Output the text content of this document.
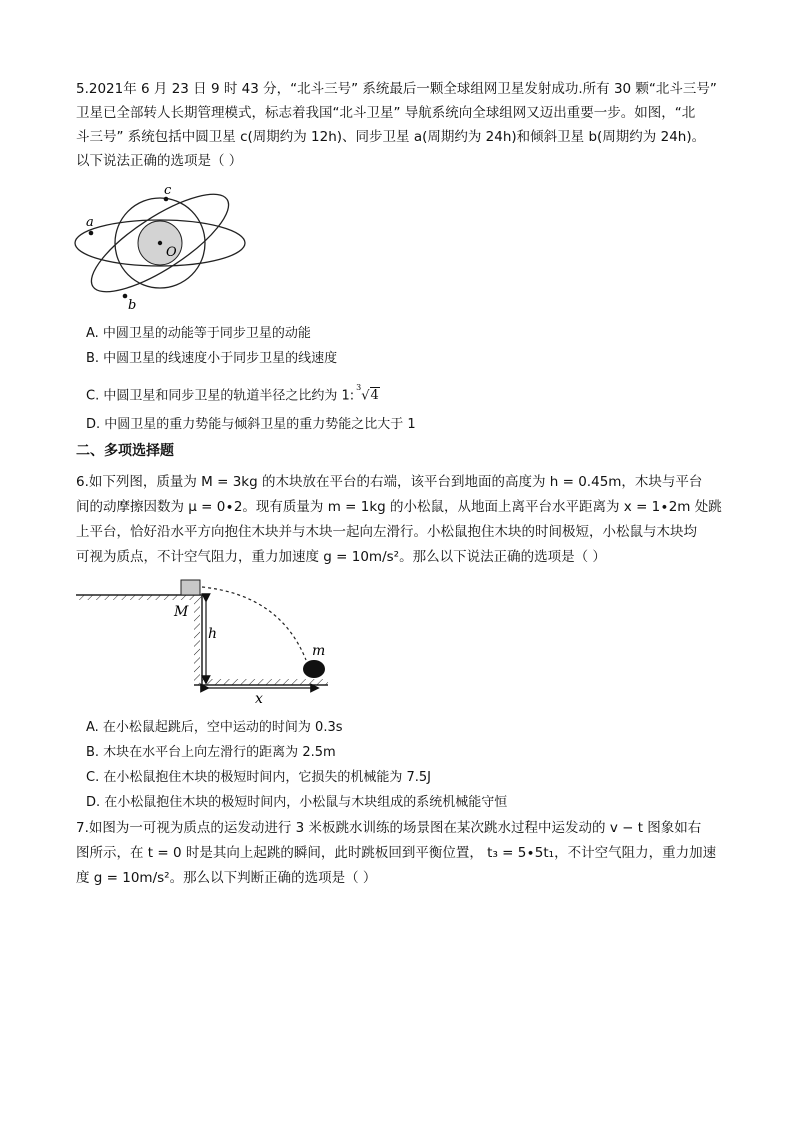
5.2021年 6 月 23 日 9 时 43 分，“北斗三号” 系统最后一颗全球组网卫星发射成功.所有 30 颗“北斗三号”
卫星已全部转人长期管理模式，标志着我国“北斗卫星” 导航系统向全球组网又迈出重要一步。如图，“北
斗三号” 系统包括中圆卫星 c(周期约为 12h)、同步卫星 a(周期约为 24h)和倾斜卫星 b(周期约为 24h)。
以下说法正确的选项是（ ）
a
c
b
O
A. 中圆卫星的动能等于同步卫星的动能
B. 中圆卫星的线速度小于同步卫星的线速度
C. 中圆卫星和同步卫星的轨道半径之比约为 1:$^3$√4
D. 中圆卫星的重力势能与倾斜卫星的重力势能之比大于 1
二、多项选择题
6.如下列图，质量为 M = 3kg 的木块放在平台的右端，该平台到地面的高度为 h = 0.45m，木块与平台
间的动摩擦因数为 μ = 0∙2。现有质量为 m = 1kg 的小松鼠，从地面上离平台水平距离为 x = 1∙2m 处跳
上平台，恰好沿水平方向抱住木块并与木块一起向左滑行。小松鼠抱住木块的时间极短，小松鼠与木块均
可视为质点，不计空气阻力，重力加速度 g = 10m/s²。那么以下说法正确的选项是（ ）
M
h
m
x
A. 在小松鼠起跳后，空中运动的时间为 0.3s
B. 木块在水平台上向左滑行的距离为 2.5m
C. 在小松鼠抱住木块的极短时间内，它损失的机械能为 7.5J
D. 在小松鼠抱住木块的极短时间内，小松鼠与木块组成的系统机械能守恒
7.如图为一可视为质点的运发动进行 3 米板跳水训练的场景图在某次跳水过程中运发动的 v − t 图象如右
图所示，在 t = 0 时是其向上起跳的瞬间，此时跳板回到平衡位置， t₃ = 5∙5t₁，不计空气阻力，重力加速
度 g = 10m/s²。那么以下判断正确的选项是（ ）
